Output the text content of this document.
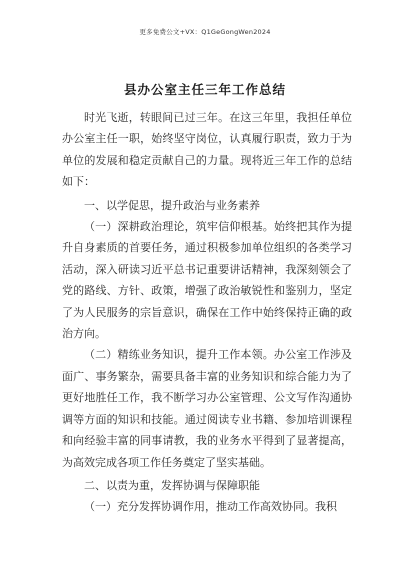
更多免费公文+VX：Q1GeGongWen2024
县办公室主任三年工作总结

时光飞逝，转眼间已过三年。在这三年里，我担任单位办公室主任一职，始终坚守岗位，认真履行职责，致力于为单位的发展和稳定贡献自己的力量。现将近三年工作的总结如下：

一、以学促思，提升政治与业务素养

（一）深耕政治理论，筑牢信仰根基。始终把其作为提升自身素质的首要任务，通过积极参加单位组织的各类学习活动，深入研读习近平总书记重要讲话精神，我深刻领会了党的路线、方针、政策，增强了政治敏锐性和鉴别力，坚定了为人民服务的宗旨意识，确保在工作中始终保持正确的政治方向。

（二）精练业务知识，提升工作本领。办公室工作涉及面广、事务繁杂，需要具备丰富的业务知识和综合能力为了更好地胜任工作，我不断学习办公室管理、公文写作沟通协调等方面的知识和技能。通过阅读专业书籍、参加培训课程和向经验丰富的同事请教，我的业务水平得到了显著提高，为高效完成各项工作任务奠定了坚实基础。

二、以责为重，发挥协调与保障职能

（一）充分发挥协调作用，推动工作高效协同。我积
